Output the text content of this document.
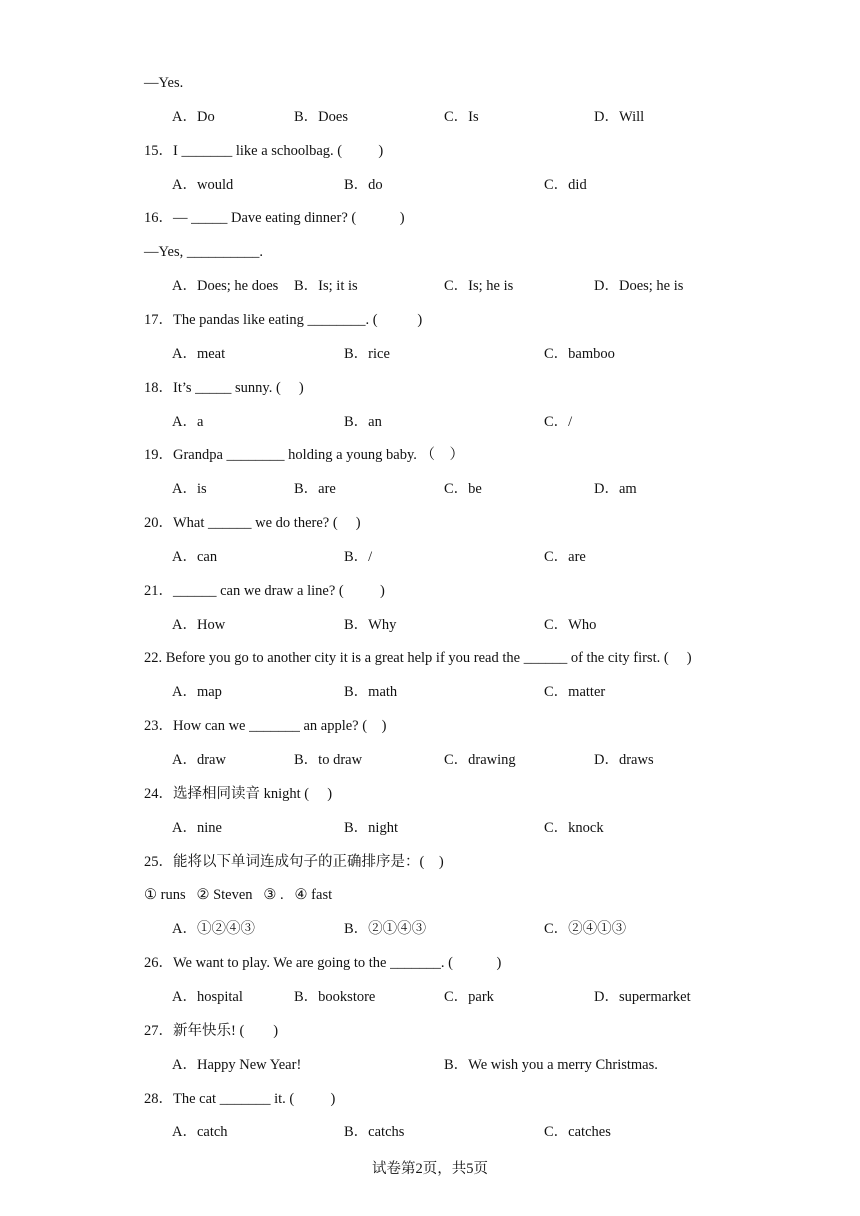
—Yes.
A．Do	B．Does	C．Is	D．Will
15．I _______ like a schoolbag. (          )
A．would	B．do	C．did
16．— _____ Dave eating dinner? (            )
—Yes, __________.
A．Does; he does B．Is; it is	C．Is; he is	D．Does; he is
17．The pandas like eating ________. (           )
A．meat	B．rice	C．bamboo
18．It’s _____ sunny. (     )
A．a	B．an	C．/
19．Grandpa ________ holding a young baby. （    ）
A．is	B．are	C．be	D．am
20．What ______ we do there? (     )
A．can	B．/	C．are
21．______ can we draw a line? (          )
A．How	B．Why	C．Who
22. Before you go to another city it is a great help if you read the ______ of the city first. (     )
A．map	B．math	C．matter
23．How can we _______ an apple? (    )
A．draw	B．to draw	C．drawing	D．draws
24．选择相同读音 knight (     )
A．nine	B．night	C．knock
25．能将以下单词连成句子的正确排序是：(    )
① runs   ② Steven   ③ .   ④ fast
A．①②④③	B．②①④③	C．②④①③
26．We want to play. We are going to the _______. (            )
A．hospital	B．bookstore	C．park	D．supermarket
27．新年快乐! (        )
A．Happy New Year!	B．We wish you a merry Christmas.
28．The cat _______ it. (          )
A．catch	B．catchs	C．catches
试卷第2页，共5页
